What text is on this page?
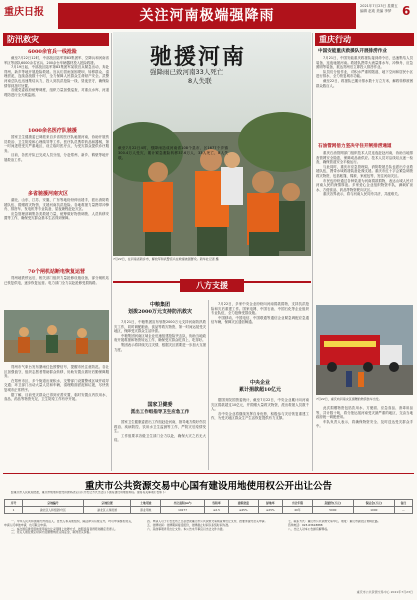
重庆日报	关注河南极端强降雨
2021年7月23日 星期五
编辑 赵欢 美编 李梦 6
防汛救灾
6000余官兵一线抢险

截至7月22日12时，中部战区陆军第83集团军、空降兵和河南省军区等部队6000余名官兵、200余台车辆器材投入抢险救援。

7月19日起，中部战区陆军第83集团军某旅官兵紧急出动，奔赴郑州、新乡等地开展抢险救援。官兵们冒雨加固堤坝、转移群众、清理淤泥，连续奋战数十小时，全力保障人民群众生命财产安全。武警河南总队也迅速集结兵力，投入到抗洪抢险一线，昼夜坚守，确保险情得到及时处置。

各级党委政府统筹调度，组织力量加强巡查，对重点水库、河道堤防进行全天候监测。

1000余名医疗队驰援

国家卫生健康委已调派来自多省的医疗队驰援河南，协助开展伤员救治、卫生防疫和心理疏导等工作。医疗队员携带药品和器械，第一时间进驻受灾严重地区，设立临时医疗点，为受灾群众提供诊疗服务。

目前，各医疗队已完成人员分组，分赴郑州、新乡、鹤壁等地开展救治工作。

多省驰援河南灾区

湖北、山东、江苏、安徽、广东等地纷纷伸出援手，派出消防救援队伍、捐赠救灾物资，支援河南抗洪抢险。各地救援力量携带冲锋舟、排涝车、发电机等专业装备，星夜兼程赶赴灾区。

应急管理部调集各类救援力量，统筹做好物资调拨、人员转移安置等工作，确保受灾群众基本生活得到保障。

70个闸机站断电恢复运营

郑州地铁停运后，相关部门组织力量抢修设施设备，部分闸机站已恢复供电，逐步恢复运营。电力部门全力以赴抢修受损线路。

郑州市气象台发布暴雨红色预警信号，提醒市民注意防范。各社区加强值守，组织志愿者帮助群众转移，协助安置点做好后勤保障服务。

在郑州市区，多个街道出现积水，交警部门设置警戒区域并疏导交通；环卫部门出动大量人员和车辆，清理路面淤泥和垃圾，尽快恢复城市正常秩序。

据了解，目前受灾群众已得到妥善安置，临时安置点内饮用水、食品、药品等物资充足，卫生防疫工作有序开展。

驰援河南
强降雨已致河南33人死亡
8人失联
截至7月22日4时，强降雨造成河南省108个县市、区1677个乡镇300.4万人受灾，累计紧急避险转移37.6万人，33人死亡，8人失联。
7月22日，在河南省新乡市，解放军和武警官兵在救援被困群众。新华社记者 摄
八方支援
中粮集团
划拨2000万元支持防汛救灾

7月21日，中粮集团宣布划拨2000万元支持河南防汛救灾工作，同时调配粮油、食品等救灾物资，第一时间运抵受灾地区，保障受灾群众生活所需。

中粮集团河南区域企业迅速组建抢险突击队，协助当地政府开展救援和物资转运工作，确保受灾群众吃得上、吃得好。

集团表示将持续关注灾情，根据灾区需要进一步加大支援力度。

国家卫健委
派出工作组指导卫生应急工作

国家卫生健康委派出工作组赶赴河南，指导地方做好伤员救治、疾病防控、饮用水卫生监测等工作，严防灾后疫情发生。

工作组要求各级卫生部门全力以赴，确保大灾之后无大疫。

7月22日，多家中央企业纷纷向河南捐款捐物，支持抗洪抢险和灾后重建工作。国家电网、中国石油、中国石化等企业组织专业队伍，全力抢修受损设施。

中国移动、中国电信、中国联通等通信企业紧急调配应急通信车辆，保障灾区通信畅通。

中央企业
累计捐款超10亿元

据国务院国资委统计，截至7月22日，中央企业累计向河南灾区捐款超过10亿元，并捐赠大量救灾物资，派出救援人员数千人。

各中央企业将继续发挥自身优势，积极参与灾后恢复重建工作，为受灾地区群众生产生活恢复提供有力支撑。

重庆行动
中国安能重庆救援队开展排涝作业

7月21日，中国安能重庆救援队接到命令后，迅速集结人员装备，连夜驰援河南。救援队携带大流量排水车、冲锋舟、应急照明等装备，抵达郑州后立即投入排涝作业。

队员们分组作业，对积水严重的隧道、地下空间和居民小区进行排水，全力恢复城市功能。

截至22日，救援队已累计排水数十万立方米，解救转移被困群众数百人。

石油管网倍力坚决守住开闸排涝通道

重庆石油管网部门组织技术人员连夜赶赴河南，协助当地排查管网安全隐患，保障成品油供应。技术人员对沿线站点逐一检查，确保管道安全平稳运行。

与此同时，重庆市应急管理局、消防救援总队也派出专业救援队伍，携带水域救援装备赴豫支援。重庆市红十字会紧急调拨救灾物资，包括帐篷、棉被、家庭包等，发往河南灾区。

市民也纷纷通过各种渠道为河南捐款捐物，表达山城人民对河南人民的深情厚谊。多家爱心企业组织物资车队，满载矿泉水、方便食品、药品等物资驶向灾区。

重庆各界表示，将与河南人民同舟共济，共渡难关。

7月22日，重庆向河南灾区捐赠的物资装车出发。

此次捐赠物资包括饮用水、方便面、应急食品、消毒用品等，共计数十吨，将分批运抵河南受灾最严重的地区，交由当地政府统一调配使用。

车队负责人表示，将确保物资安全、及时送达受灾群众手中。

重庆市公共资源交易中心国有建设用地使用权公开出让公告

经重庆市人民政府批准，重庆市规划和自然资源局决定以公开出让方式出让以下国有建设用地使用权。现将有关事项公告如下：

序号	宗地编号	宗地位置	土地用途	出让面积(m²)	容积率	建筑密度	绿地率	出让年限	起始价(万元)	保证金(万元)	备注
1	渝北区人和组团I分区	渝北区人和街道	商业用地	10277	≤2.5	≤45%	≥25%	40年	5000	1000	—

一、中华人民共和国境内外的法人、自然人和其他组织，除法律另有规定外，均可申请参加竞买，申请人可单独申请，也可联合申请。

二、本次国有建设用地使用权出让采用网上挂牌方式，按照价高者得原则确定竞得人。

三、竞买人须在规定时间内足额缴纳竞买保证金，取得竞买资格。

四、申请人可于公告发布之日起登录重庆市公共资源交易网查询出让文件，按要求提交竞买申请。

五、挂牌时间：挂牌期间接受报价，挂牌截止时间以系统时间为准。

六、其他事项详见出让文件。本公告未尽事宜以出让文件为准。

七、联系方式：重庆市公共资源交易中心，地址：重庆市渝北区青枫北路。

咨询电话：023-63618888

八、出让人对本公告拥有解释权。

重庆市公共资源交易中心 2021年7月23日
